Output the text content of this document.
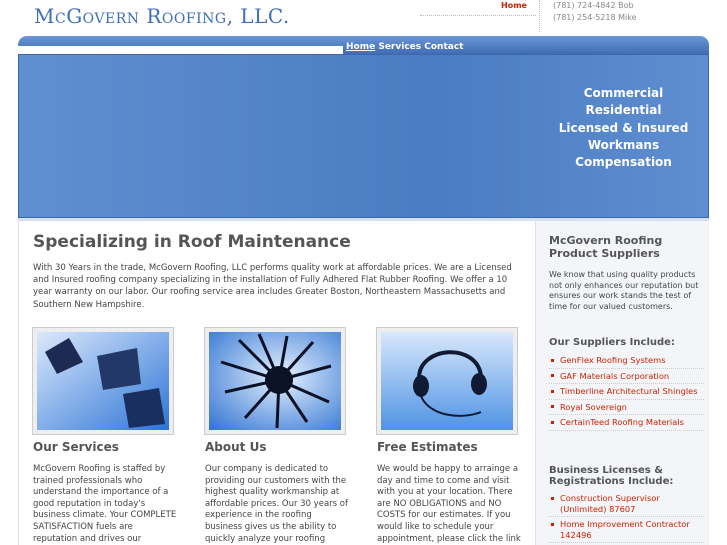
McGovern Roofing, LLC.	Home	(781) 724-4842 Bob
(781) 254-5218 Mike
Home Services Contact
Commercial
Residential
Licensed & Insured
Workmans
Compensation
Specializing in Roof Maintenance

With 30 Years in the trade, McGovern Roofing, LLC performs quality work at affordable prices. We are a Licensed and Insured roofing company specializing in the installation of Fully Adhered Flat Rubber Roofing. We offer a 10 year warranty on our labor. Our roofing service area includes Greater Boston, Northeastern Massachusetts and Southern New Hampshire.

Our Services

McGovern Roofing is staffed by trained professionals who understand the importance of a good reputation in today's business climate. Your COMPLETE SATISFACTION fuels are reputation and drives our

About Us

Our company is dedicated to providing our customers with the highest quality workmanship at affordable prices. Our 30 years of experience in the roofing business gives us the ability to quickly analyze your roofing

Free Estimates

We would be happy to arrainge a day and time to come and visit with you at your location. There are NO OBLIGATIONS and NO COSTS for our estimates. If you would like to schedule your appointment, please click the link

McGovern Roofing Product Suppliers

We know that using quality products not only enhances our reputation but ensures our work stands the test of time for our valued customers.

Our Suppliers Include:
GenFlex Roofing Systems
GAF Materials Corporation
Timberline Architectural Shingles
Royal Sovereign
CertainTeed Roofing Materials
Business Licenses & Registrations Include:
Construction Supervisor (Unlimited) 87607
Home Improvement Contractor 142496
